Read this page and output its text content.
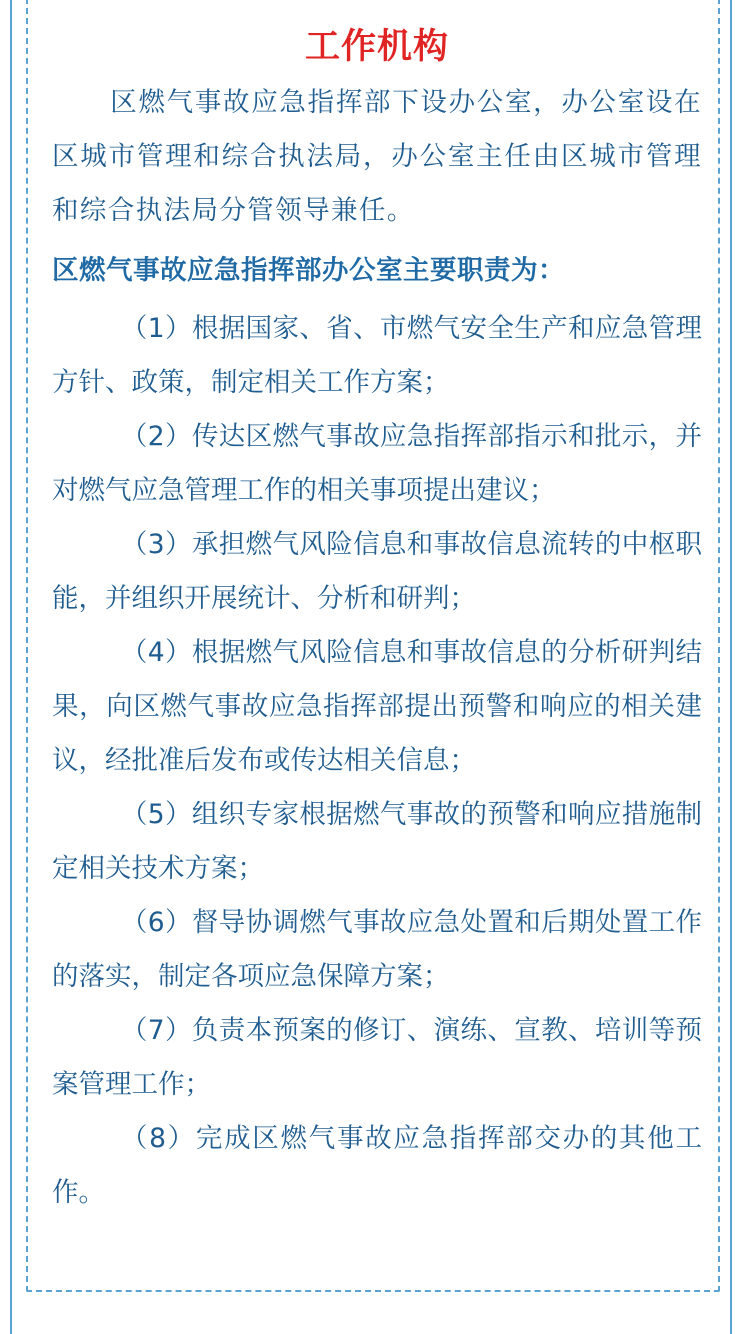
工作机构

区燃气事故应急指挥部下设办公室，办公室设在区城市管理和综合执法局，办公室主任由区城市管理和综合执法局分管领导兼任。

区燃气事故应急指挥部办公室主要职责为：

（1）根据国家、省、市燃气安全生产和应急管理方针、政策，制定相关工作方案；

（2）传达区燃气事故应急指挥部指示和批示，并对燃气应急管理工作的相关事项提出建议；

（3）承担燃气风险信息和事故信息流转的中枢职能，并组织开展统计、分析和研判；

（4）根据燃气风险信息和事故信息的分析研判结果，向区燃气事故应急指挥部提出预警和响应的相关建议，经批准后发布或传达相关信息；

（5）组织专家根据燃气事故的预警和响应措施制定相关技术方案；

（6）督导协调燃气事故应急处置和后期处置工作的落实，制定各项应急保障方案；

（7）负责本预案的修订、演练、宣教、培训等预案管理工作；

（8）完成区燃气事故应急指挥部交办的其他工作。
